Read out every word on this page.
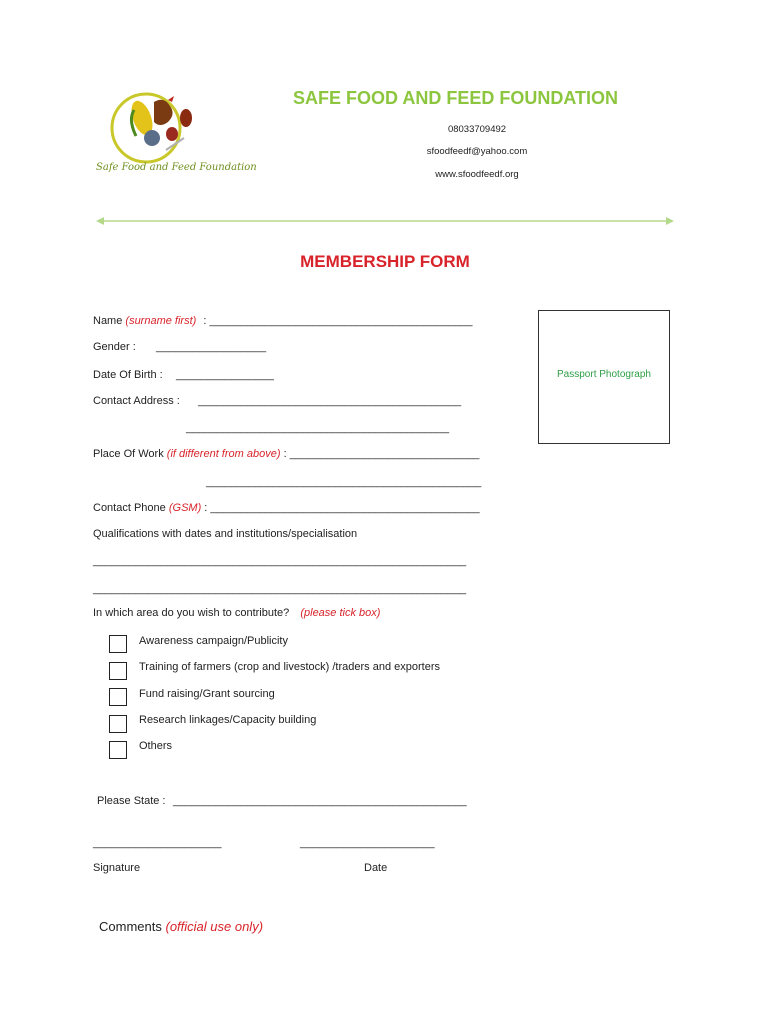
Safe Food and Feed Foundation
SAFE FOOD AND FEED FOUNDATION
08033709492
sfoodfeedf@yahoo.com
www.sfoodfeedf.org
MEMBERSHIP FORM
Passport Photograph
Name (surname first) : ___________________________________________
Gender : __________________
Date Of Birth : ________________
Contact Address : ___________________________________________
___________________________________________
Place Of Work (if different from above) : _______________________________
_____________________________________________
Contact Phone (GSM) : ____________________________________________
Qualifications with dates and institutions/specialisation
_____________________________________________________________
_____________________________________________________________
In which area do you wish to contribute? (please tick box)
Awareness campaign/Publicity
Training of farmers (crop and livestock) /traders and exporters
Fund raising/Grant sourcing
Research linkages/Capacity building
Others
Please State : ________________________________________________
_____________________	______________________
Signature	Date
Comments (official use only)
